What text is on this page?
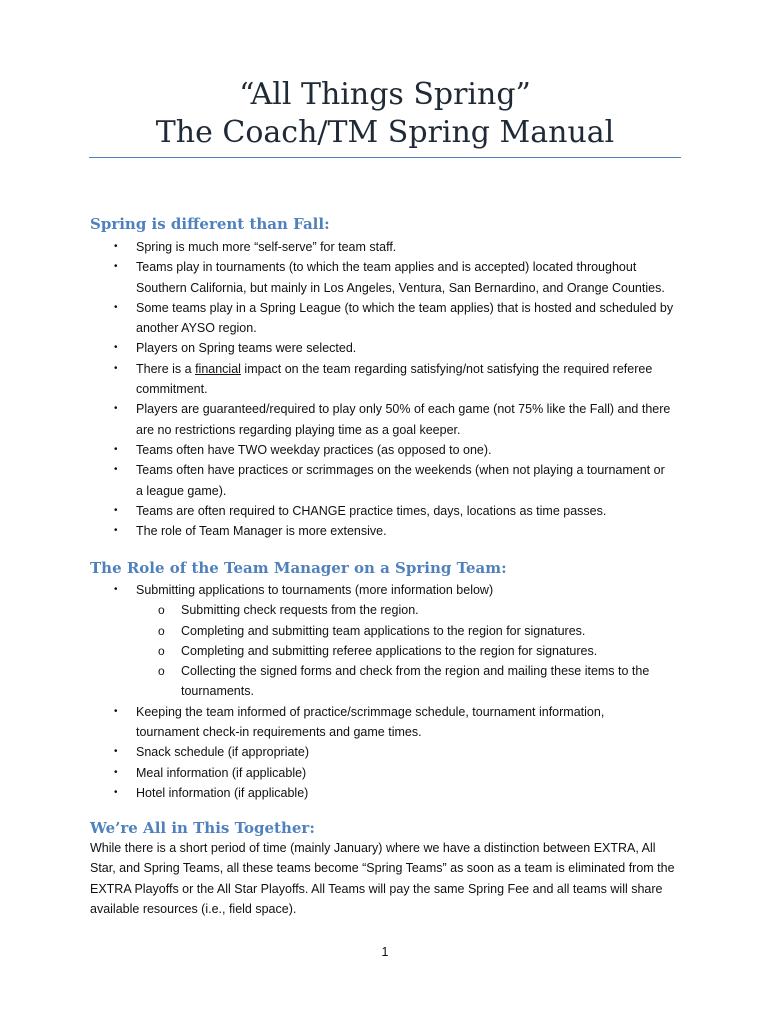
“All Things Spring”
The Coach/TM Spring Manual
Spring is different than Fall:
• Spring is much more “self-serve” for team staff.
• Teams play in tournaments (to which the team applies and is accepted) located throughout
Southern California, but mainly in Los Angeles, Ventura, San Bernardino, and Orange Counties.
• Some teams play in a Spring League (to which the team applies) that is hosted and scheduled by
another AYSO region.
• Players on Spring teams were selected.
• There is a financial impact on the team regarding satisfying/not satisfying the required referee
commitment.
• Players are guaranteed/required to play only 50% of each game (not 75% like the Fall) and there
are no restrictions regarding playing time as a goal keeper.
• Teams often have TWO weekday practices (as opposed to one).
• Teams often have practices or scrimmages on the weekends (when not playing a tournament or
a league game).
• Teams are often required to CHANGE practice times, days, locations as time passes.
• The role of Team Manager is more extensive.
The Role of the Team Manager on a Spring Team:
• Submitting applications to tournaments (more information below)
o Submitting check requests from the region.
o Completing and submitting team applications to the region for signatures.
o Completing and submitting referee applications to the region for signatures.
o Collecting the signed forms and check from the region and mailing these items to the
tournaments.
• Keeping the team informed of practice/scrimmage schedule, tournament information,
tournament check-in requirements and game times.
• Snack schedule (if appropriate)
• Meal information (if applicable)
• Hotel information (if applicable)
We’re All in This Together:
While there is a short period of time (mainly January) where we have a distinction between EXTRA, All
Star, and Spring Teams, all these teams become “Spring Teams” as soon as a team is eliminated from the
EXTRA Playoffs or the All Star Playoffs. All Teams will pay the same Spring Fee and all teams will share
available resources (i.e., field space).
1
